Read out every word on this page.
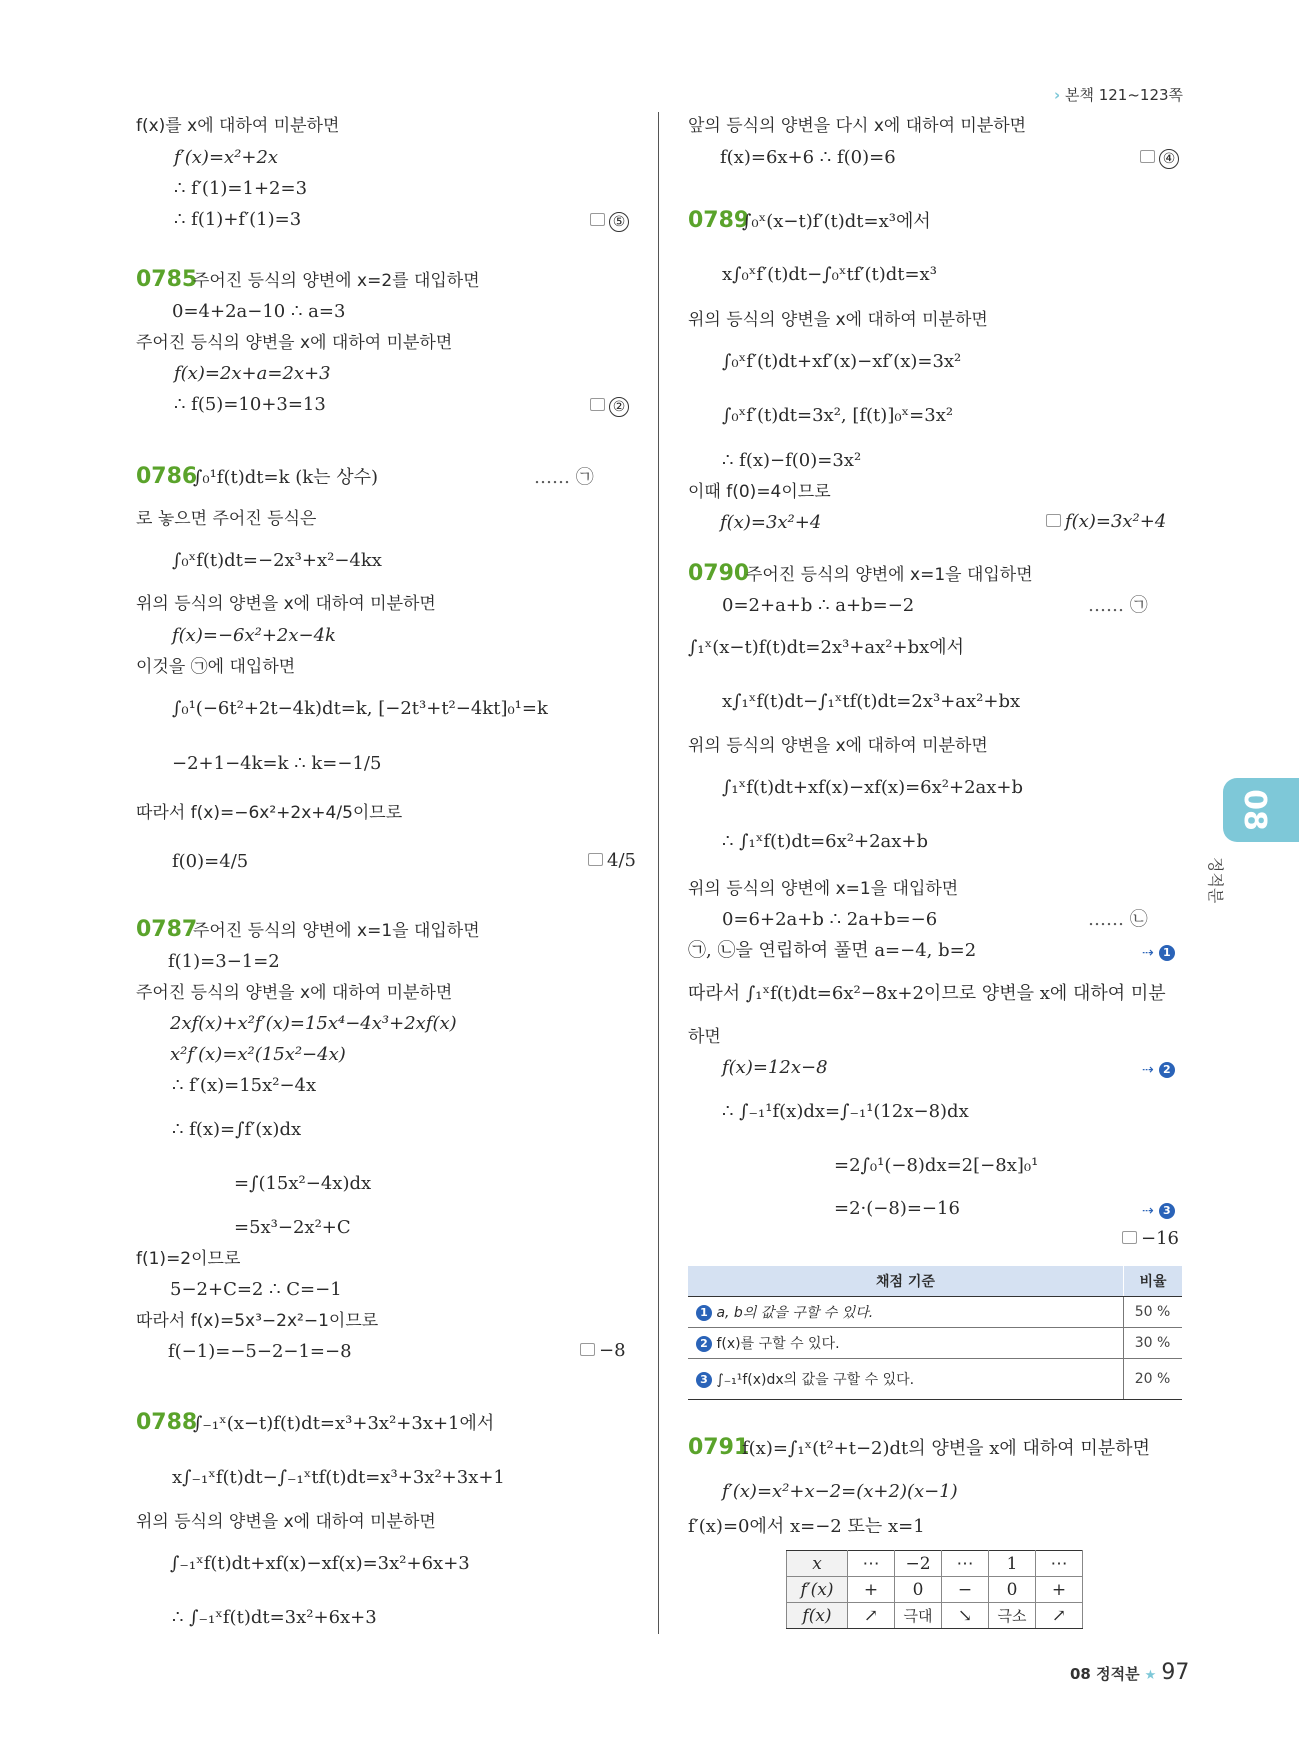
› 본책 121~123쪽
f(x)를 x에 대하여 미분하면
f′(x)=x²+2x
∴ f′(1)=1+2=3
∴ f(1)+f′(1)=3	⑤
0785
주어진 등식의 양변에 x=2를 대입하면
0=4+2a−10 ∴ a=3
주어진 등식의 양변을 x에 대하여 미분하면
f(x)=2x+a=2x+3
∴ f(5)=10+3=13	②
0786
∫₀¹f(t)dt=k (k는 상수)	…… ㉠
로 놓으면 주어진 등식은
∫₀ˣf(t)dt=−2x³+x²−4kx
위의 등식의 양변을 x에 대하여 미분하면
f(x)=−6x²+2x−4k
이것을 ㉠에 대입하면
∫₀¹(−6t²+2t−4k)dt=k, [−2t³+t²−4kt]₀¹=k
−2+1−4k=k ∴ k=−1/5
따라서 f(x)=−6x²+2x+4/5이므로
f(0)=4/5	4/5
0787
주어진 등식의 양변에 x=1을 대입하면
f(1)=3−1=2
주어진 등식의 양변을 x에 대하여 미분하면
2xf(x)+x²f′(x)=15x⁴−4x³+2xf(x)
x²f′(x)=x²(15x²−4x)
∴ f′(x)=15x²−4x
∴ f(x)=∫f′(x)dx
=∫(15x²−4x)dx
=5x³−2x²+C
f(1)=2이므로
5−2+C=2 ∴ C=−1
따라서 f(x)=5x³−2x²−1이므로
f(−1)=−5−2−1=−8	−8
0788
∫₋₁ˣ(x−t)f(t)dt=x³+3x²+3x+1에서
x∫₋₁ˣf(t)dt−∫₋₁ˣtf(t)dt=x³+3x²+3x+1
위의 등식의 양변을 x에 대하여 미분하면
∫₋₁ˣf(t)dt+xf(x)−xf(x)=3x²+6x+3
∴ ∫₋₁ˣf(t)dt=3x²+6x+3
앞의 등식의 양변을 다시 x에 대하여 미분하면
f(x)=6x+6 ∴ f(0)=6	④
0789
∫₀ˣ(x−t)f′(t)dt=x³에서
x∫₀ˣf′(t)dt−∫₀ˣtf′(t)dt=x³
위의 등식의 양변을 x에 대하여 미분하면
∫₀ˣf′(t)dt+xf′(x)−xf′(x)=3x²
∫₀ˣf′(t)dt=3x², [f(t)]₀ˣ=3x²
∴ f(x)−f(0)=3x²
이때 f(0)=4이므로
f(x)=3x²+4	f(x)=3x²+4
0790
주어진 등식의 양변에 x=1을 대입하면
0=2+a+b ∴ a+b=−2	…… ㉠
∫₁ˣ(x−t)f(t)dt=2x³+ax²+bx에서
x∫₁ˣf(t)dt−∫₁ˣtf(t)dt=2x³+ax²+bx
위의 등식의 양변을 x에 대하여 미분하면
∫₁ˣf(t)dt+xf(x)−xf(x)=6x²+2ax+b
∴ ∫₁ˣf(t)dt=6x²+2ax+b
위의 등식의 양변에 x=1을 대입하면
0=6+2a+b ∴ 2a+b=−6	…… ㉡
㉠, ㉡을 연립하여 풀면 a=−4, b=2	⇢ 1
따라서 ∫₁ˣf(t)dt=6x²−8x+2이므로 양변을 x에 대하여 미분
하면
f(x)=12x−8	⇢ 2
∴ ∫₋₁¹f(x)dx=∫₋₁¹(12x−8)dx
=2∫₀¹(−8)dx=2[−8x]₀¹
=2·(−8)=−16	⇢ 3
−16
채점 기준	비율
1 a, b의 값을 구할 수 있다.	50 %
2 f(x)를 구할 수 있다.	30 %
3 ∫₋₁¹f(x)dx의 값을 구할 수 있다.	20 %
0791
f(x)=∫₁ˣ(t²+t−2)dt의 양변을 x에 대하여 미분하면
f′(x)=x²+x−2=(x+2)(x−1)
f′(x)=0에서 x=−2 또는 x=1
x	⋯	−2	⋯	1	⋯
f′(x)	+	0	−	0	+
f(x)	↗	극대	↘	극소	↗
08
정적분
08 정적분 ★ 97
